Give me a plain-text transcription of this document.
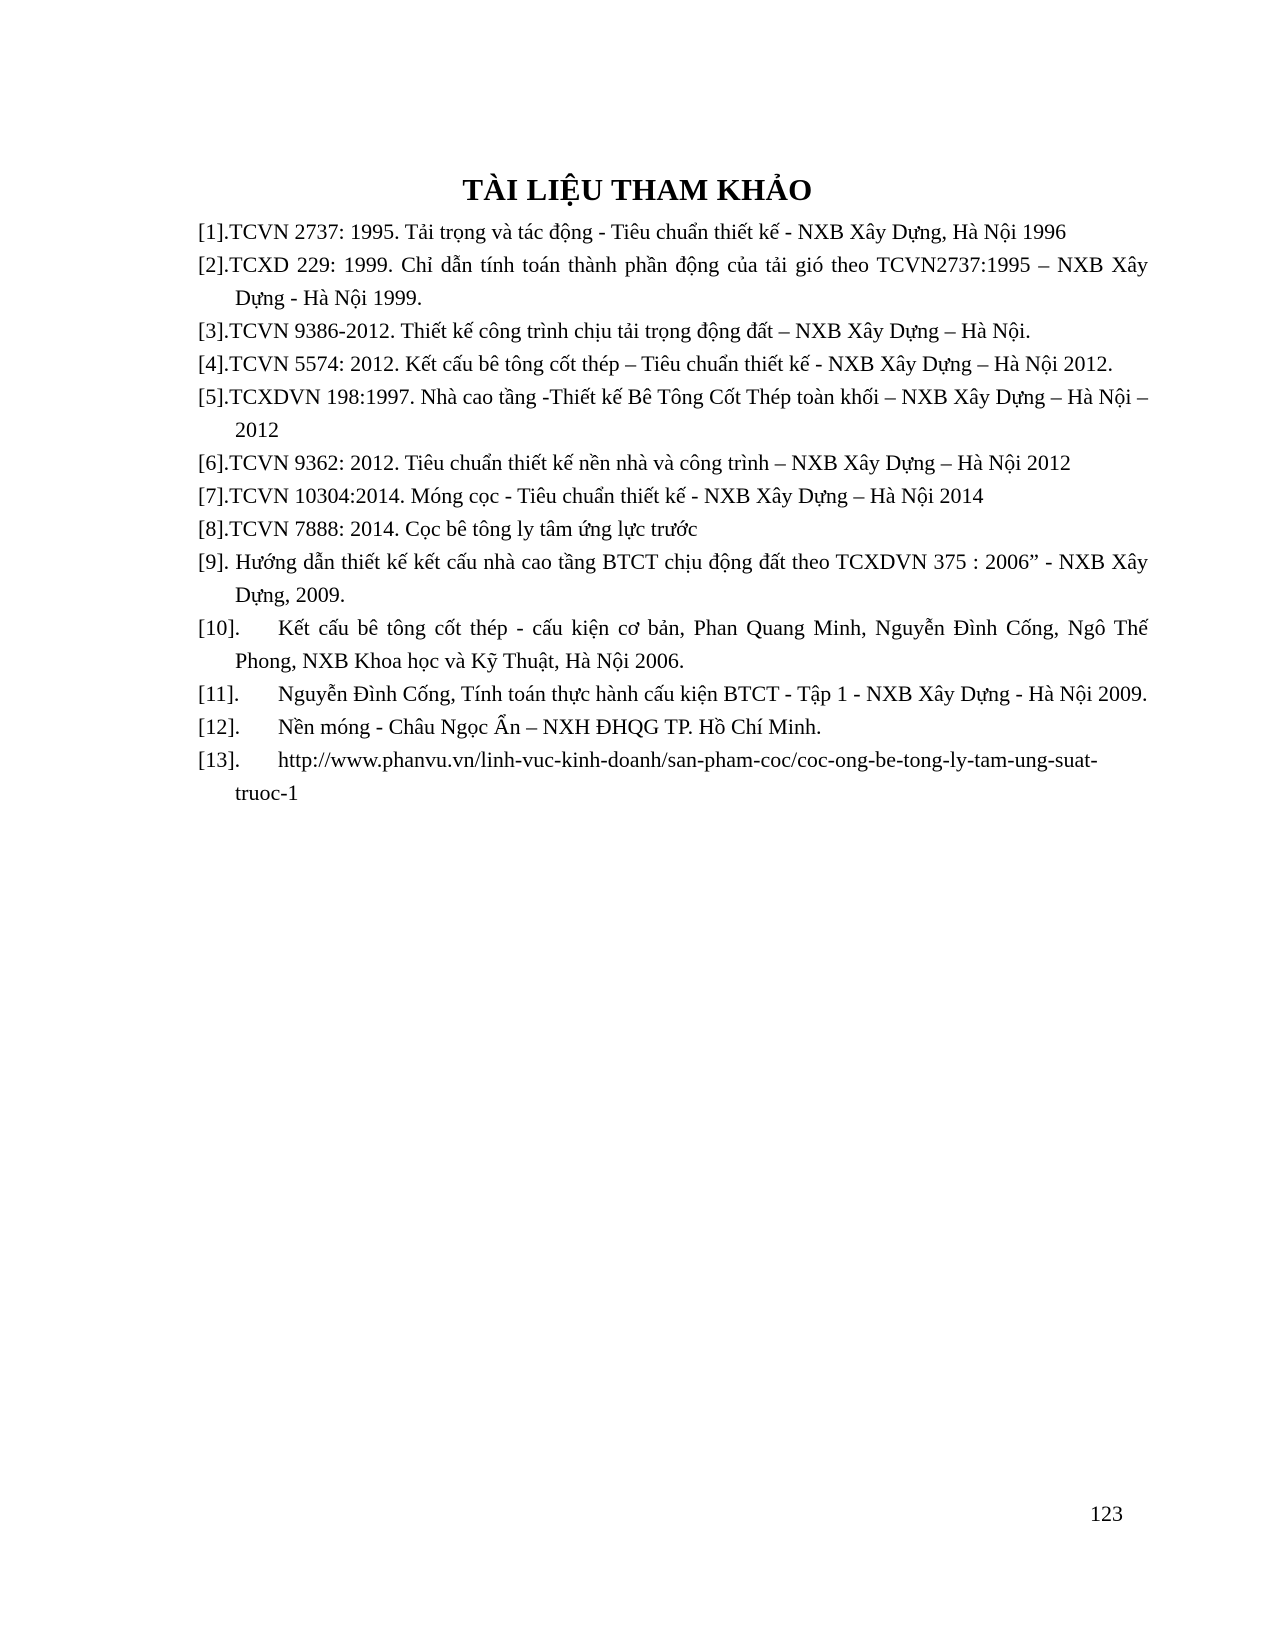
TÀI LIỆU THAM KHẢO
[1].TCVN 2737: 1995. Tải trọng và tác động - Tiêu chuẩn thiết kế - NXB Xây Dựng, Hà Nội 1996
[2].TCXD 229: 1999. Chỉ dẫn tính toán thành phần động của tải gió theo TCVN2737:1995 – NXB Xây Dựng - Hà Nội 1999.
[3].TCVN 9386-2012. Thiết kế công trình chịu tải trọng động đất – NXB Xây Dựng – Hà Nội.
[4].TCVN 5574: 2012. Kết cấu bê tông cốt thép – Tiêu chuẩn thiết kế - NXB Xây Dựng – Hà Nội 2012.
[5].TCXDVN 198:1997. Nhà cao tầng -Thiết kế Bê Tông Cốt Thép toàn khối – NXB Xây Dựng – Hà Nội – 2012
[6].TCVN 9362: 2012. Tiêu chuẩn thiết kế nền nhà và công trình – NXB Xây Dựng – Hà Nội 2012
[7].TCVN 10304:2014. Móng cọc - Tiêu chuẩn thiết kế - NXB Xây Dựng – Hà Nội 2014
[8].TCVN 7888: 2014. Cọc bê tông ly tâm ứng lực trước
[9]. Hướng dẫn thiết kế kết cấu nhà cao tầng BTCT chịu động đất theo TCXDVN 375 : 2006” - NXB Xây Dựng, 2009.
[10]. Kết cấu bê tông cốt thép - cấu kiện cơ bản, Phan Quang Minh, Nguyễn Đình Cống, Ngô Thế Phong, NXB Khoa học và Kỹ Thuật, Hà Nội 2006.
[11]. Nguyễn Đình Cống, Tính toán thực hành cấu kiện BTCT - Tập 1 - NXB Xây Dựng - Hà Nội 2009.
[12]. Nền móng - Châu Ngọc Ẩn – NXH ĐHQG TP. Hồ Chí Minh.
[13]. http://www.phanvu.vn/linh-vuc-kinh-doanh/san-pham-coc/coc-ong-be-tong-ly-tam-ung-suat-truoc-1
123
